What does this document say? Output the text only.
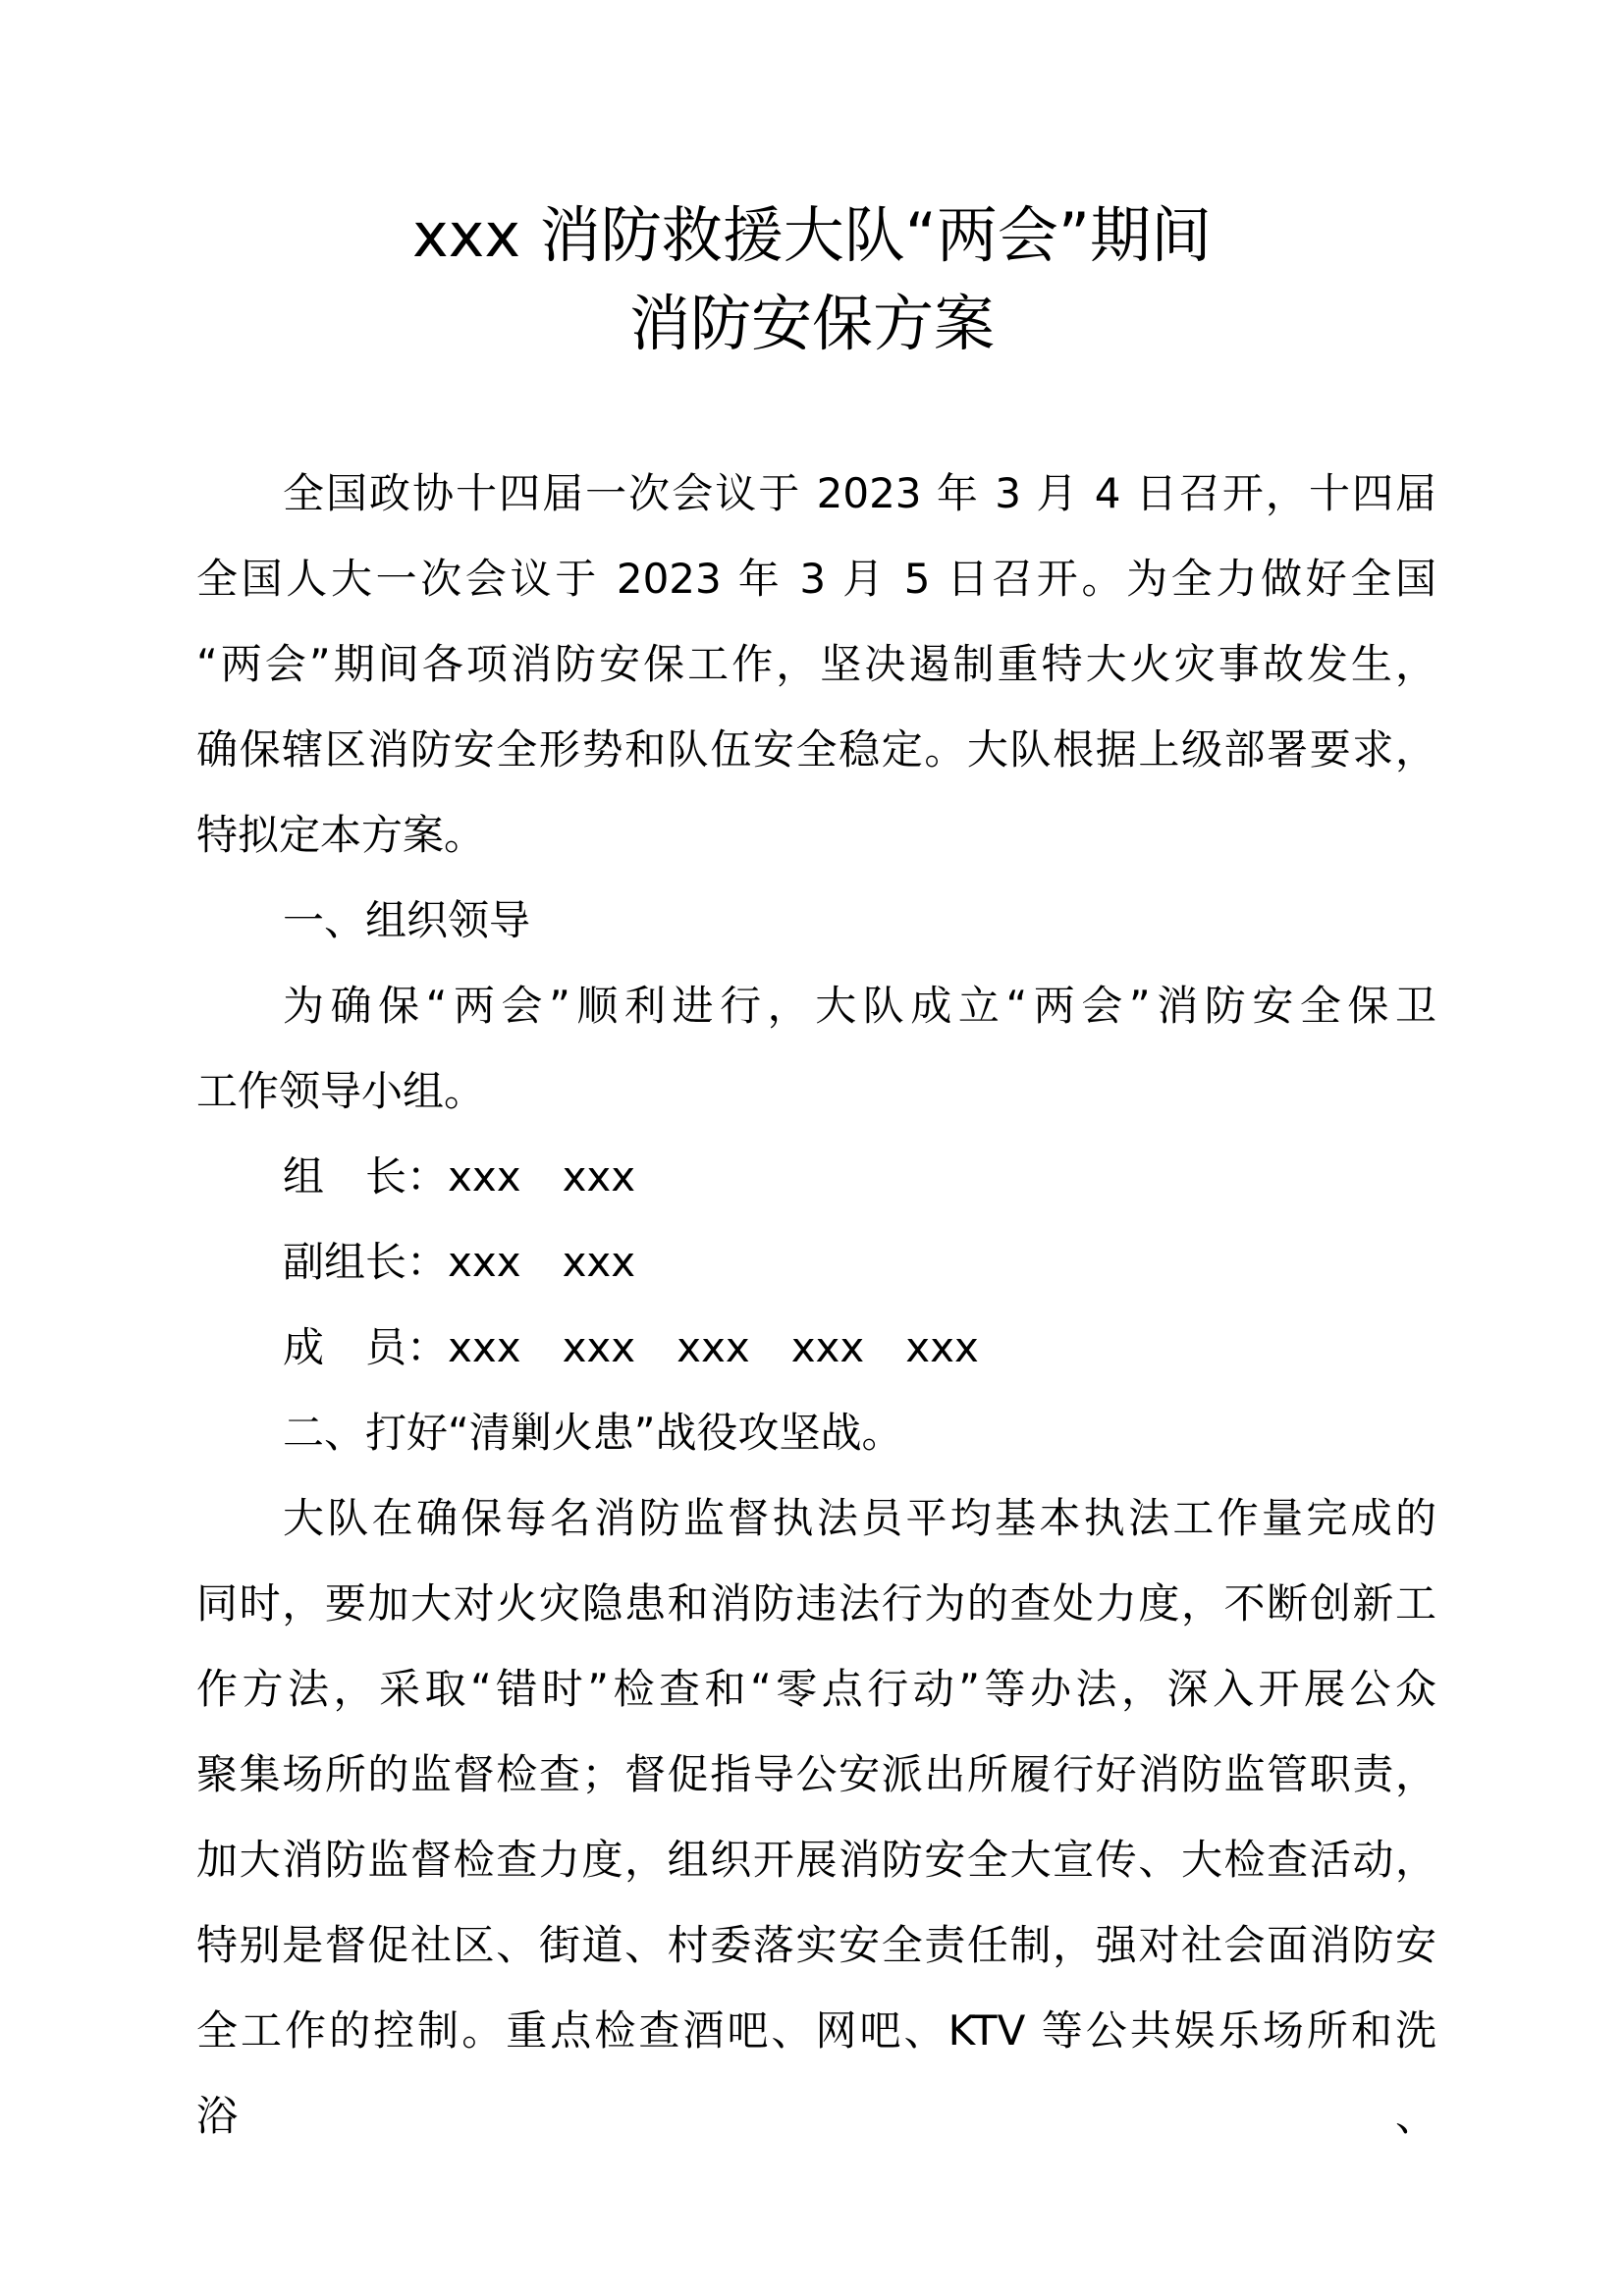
xxx 消防救援大队“两会”期间
消防安保方案
全国政协十四届一次会议于 2023 年 3 月 4 日召开，十四届
全国人大一次会议于 2023 年 3 月 5 日召开。为全力做好全国
“两会”期间各项消防安保工作，坚决遏制重特大火灾事故发生，
确保辖区消防安全形势和队伍安全稳定。大队根据上级部署要求，
特拟定本方案。
一、组织领导
为确保“两会”顺利进行，大队成立“两会”消防安全保卫
工作领导小组。
组　长：xxx　xxx
副组长：xxx　xxx
成　员：xxx　xxx　xxx　xxx　xxx
二、打好“清剿火患”战役攻坚战。
大队在确保每名消防监督执法员平均基本执法工作量完成的
同时，要加大对火灾隐患和消防违法行为的查处力度，不断创新工
作方法，采取“错时”检查和“零点行动”等办法，深入开展公众
聚集场所的监督检查；督促指导公安派出所履行好消防监管职责，
加大消防监督检查力度，组织开展消防安全大宣传、大检查活动，
特别是督促社区、街道、村委落实安全责任制，强对社会面消防安
全工作的控制。重点检查酒吧、网吧、KTV 等公共娱乐场所和洗浴、
